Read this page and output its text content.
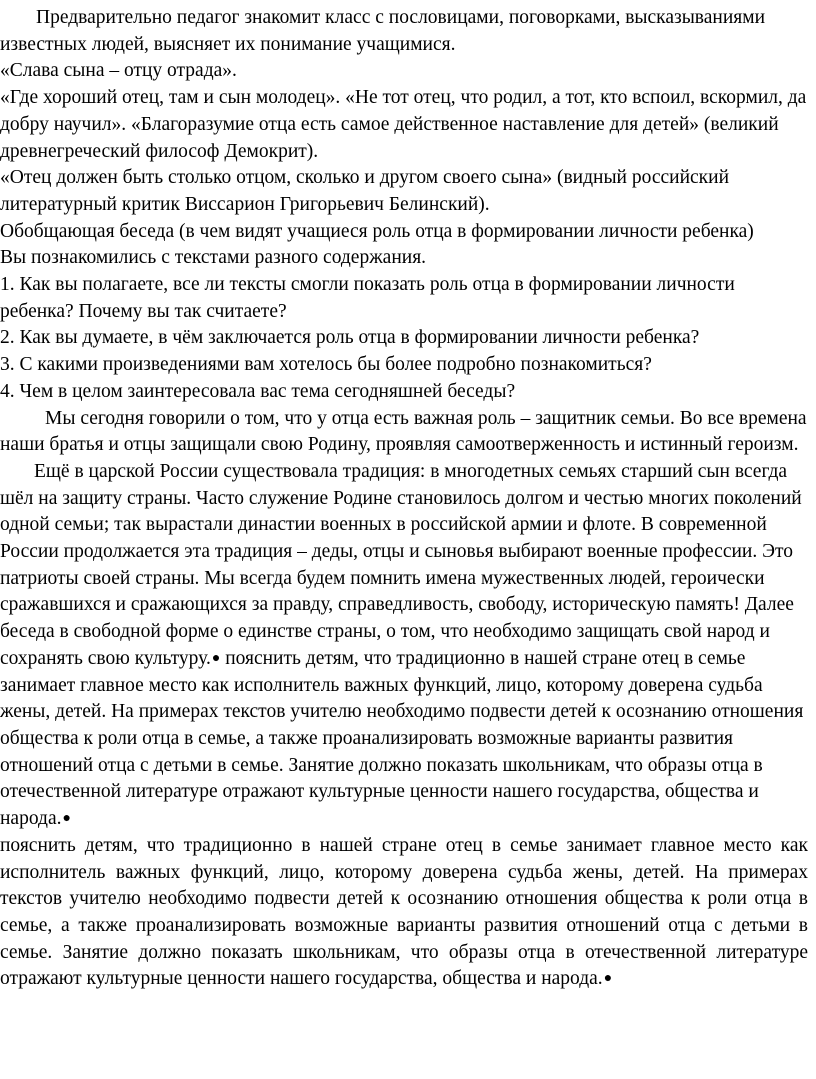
Предварительно педагог знакомит класс с пословицами, поговорками, высказываниями известных людей, выясняет их понимание учащимися.

«Слава сына – отцу отрада».

«Где хороший отец, там и сын молодец». «Не тот отец, что родил, а тот, кто вспоил, вскормил, да добру научил». «Благоразумие отца есть самое действенное наставление для детей» (великий древнегреческий философ Демокрит).

«Отец должен быть столько отцом, сколько и другом своего сына» (видный российский литературный критик Виссарион Григорьевич Белинский).

Обобщающая беседа (в чем видят учащиеся роль отца в формировании личности ребенка)

Вы познакомились с текстами разного содержания.

1. Как вы полагаете, все ли тексты смогли показать роль отца в формировании личности ребенка? Почему вы так считаете?

2. Как вы думаете, в чём заключается роль отца в формировании личности ребенка?

3. С какими произведениями вам хотелось бы более подробно познакомиться?

4. Чем в целом заинтересовала вас тема сегодняшней беседы?

Мы сегодня говорили о том, что у отца есть важная роль – защитник семьи. Во все времена наши братья и отцы защищали свою Родину, проявляя самоотверженность и истинный героизм.

Ещё в царской России существовала традиция: в многодетных семьях старший сын всегда шёл на защиту страны. Часто служение Родине становилось долгом и честью многих поколений одной семьи; так вырастали династии военных в российской армии и флоте. В современной России продолжается эта традиция – деды, отцы и сыновья выбирают военные профессии. Это патриоты своей страны. Мы всегда будем помнить имена мужественных людей, героически сражавшихся и сражающихся за правду, справедливость, свободу, историческую память! Далее беседа в свободной форме о единстве страны, о том, что необходимо защищать свой народ и сохранять свою культуру.● пояснить детям, что традиционно в нашей стране отец в семье занимает главное место как исполнитель важных функций, лицо, которому доверена судьба жены, детей. На примерах текстов учителю необходимо подвести детей к осознанию отношения общества к роли отца в семье, а также проанализировать возможные варианты развития отношений отца с детьми в семье. Занятие должно показать школьникам, что образы отца в отечественной литературе отражают культурные ценности нашего государства, общества и народа.●

пояснить детям, что традиционно в нашей стране отец в семье занимает главное место как исполнитель важных функций, лицо, которому доверена судьба жены, детей. На примерах текстов учителю необходимо подвести детей к осознанию отношения общества к роли отца в семье, а также проанализировать возможные варианты развития отношений отца с детьми в семье. Занятие должно показать школьникам, что образы отца в отечественной литературе отражают культурные ценности нашего государства, общества и народа.●
